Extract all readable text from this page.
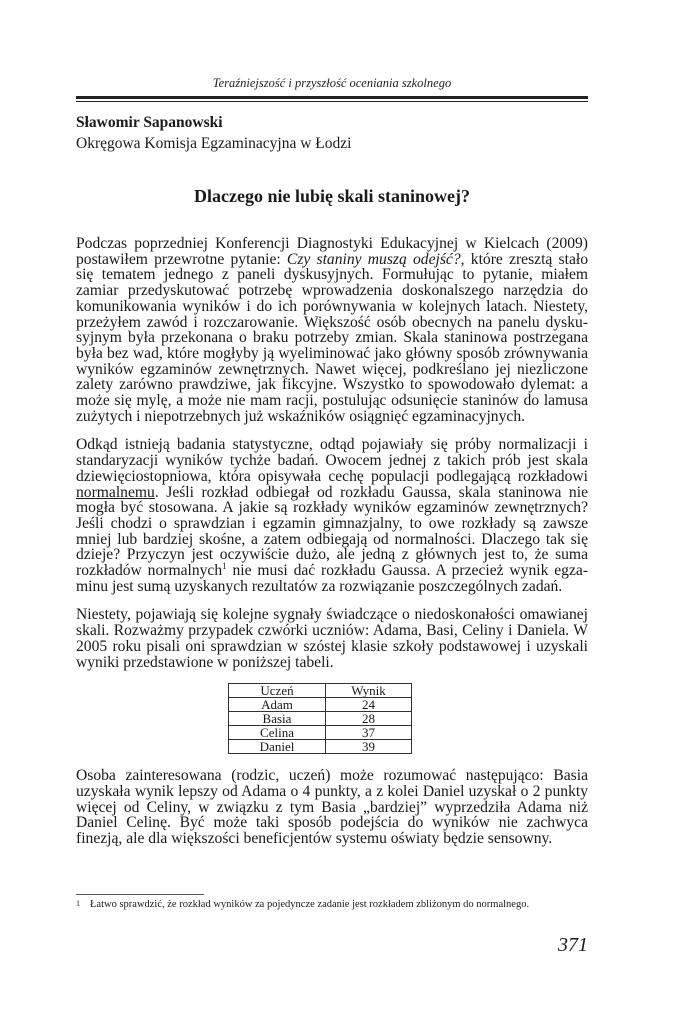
Teraźniejszość i przyszłość oceniania szkolnego
Sławomir Sapanowski
Okręgowa Komisja Egzaminacyjna w Łodzi
Dlaczego nie lubię skali staninowej?

Podczas poprzedniej Konferencji Diagnostyki Edukacyjnej w Kielcach (2009) postawiłem przewrotne pytanie: Czy staniny muszą odejść?, które zresztą stało się tematem jednego z paneli dyskusyjnych. Formułując to pytanie, miałem zamiar przedyskutować potrzebę wprowadzenia doskonalszego narzędzia do komunikowania wyników i do ich porównywania w kolejnych latach. Niestety, przeżyłem zawód i rozczarowanie. Większość osób obecnych na panelu dyskusyjnym była przekonana o braku potrzeby zmian. Skala staninowa postrzegana była bez wad, które mogłyby ją wyeliminować jako główny sposób zrównywania wyników egzaminów zewnętrznych. Nawet więcej, podkreślano jej niezliczone zalety zarówno prawdziwe, jak fikcyjne. Wszystko to spowodowało dylemat: a może się mylę, a może nie mam racji, postulując odsunięcie staninów do lamusa zużytych i niepotrzebnych już wskaźników osiągnięć egzaminacyjnych.

Odkąd istnieją badania statystyczne, odtąd pojawiały się próby normalizacji i standaryzacji wyników tychże badań. Owocem jednej z takich prób jest skala dziewięciostopniowa, która opisywała cechę populacji podlegającą rozkładowi normalnemu. Jeśli rozkład odbiegał od rozkładu Gaussa, skala staninowa nie mogła być stosowana. A jakie są rozkłady wyników egzaminów zewnętrznych? Jeśli chodzi o sprawdzian i egzamin gimnazjalny, to owe rozkłady są zawsze mniej lub bardziej skośne, a zatem odbiegają od normalności. Dlaczego tak się dzieje? Przyczyn jest oczywiście dużo, ale jedną z głównych jest to, że suma rozkładów normalnych$^1$ nie musi dać rozkładu Gaussa. A przecież wynik egzaminu jest sumą uzyskanych rezultatów za rozwiązanie poszczególnych zadań.

Niestety, pojawiają się kolejne sygnały świadczące o niedoskonałości omawianej skali. Rozważmy przypadek czwórki uczniów: Adama, Basi, Celiny i Daniela. W 2005 roku pisali oni sprawdzian w szóstej klasie szkoły podstawowej i uzyskali wyniki przedstawione w poniższej tabeli.

Uczeń	Wynik
Adam	24
Basia	28
Celina	37
Daniel	39

Osoba zainteresowana (rodzic, uczeń) może rozumować następująco: Basia uzyskała wynik lepszy od Adama o 4 punkty, a z kolei Daniel uzyskał o 2 punkty więcej od Celiny, w związku z tym Basia „bardziej” wyprzedziła Adama niż Daniel Celinę. Być może taki sposób podejścia do wyników nie zachwyca finezją, ale dla większości beneficjentów systemu oświaty będzie sensowny.

1 Łatwo sprawdzić, że rozkład wyników za pojedyncze zadanie jest rozkładem zbliżonym do normalnego.
371
